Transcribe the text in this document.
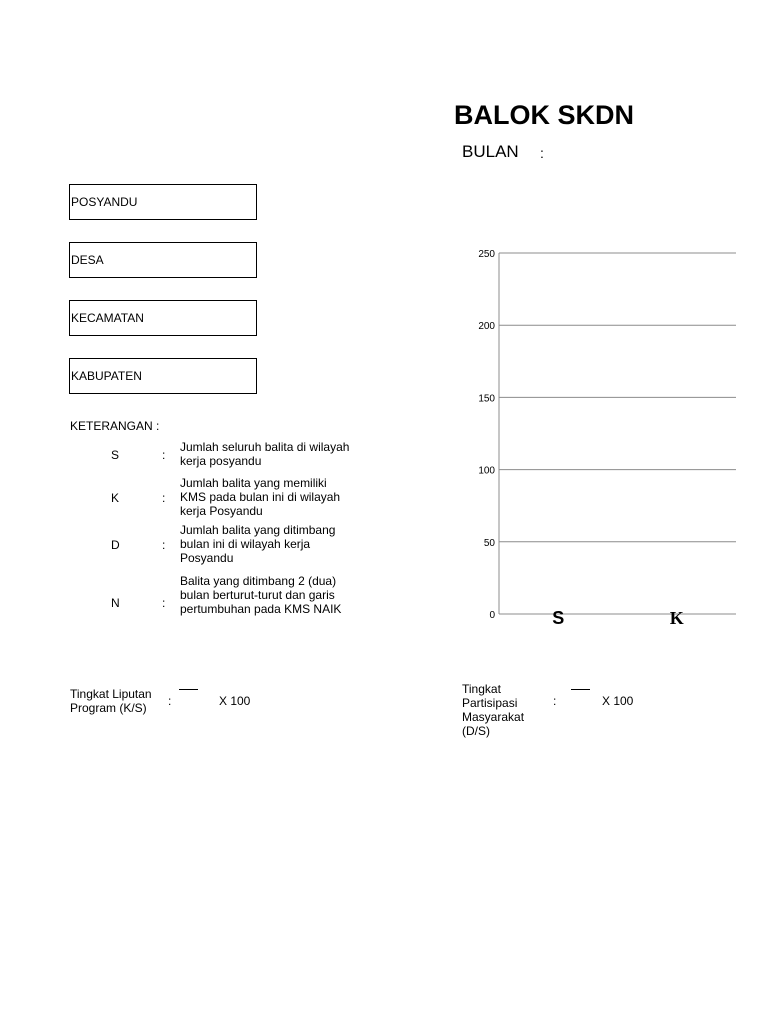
BALOK SKDN
BULAN :
POSYANDU
DESA
KECAMATAN
KABUPATEN
KETERANGAN :
S	:
Jumlah seluruh balita di wilayah kerja posyandu
K	:
Jumlah balita yang memiliki KMS pada bulan ini di wilayah kerja Posyandu
D	:
Jumlah balita yang ditimbang bulan ini di wilayah kerja Posyandu
N	:
Balita yang ditimbang 2 (dua) bulan berturut-turut dan garis pertumbuhan pada KMS NAIK	0
50
100
150
200
250
S	K
Tingkat Liputan Program (K/S)	:	X 100
Tingkat Partisipasi Masyarakat (D/S)
:	X 100
